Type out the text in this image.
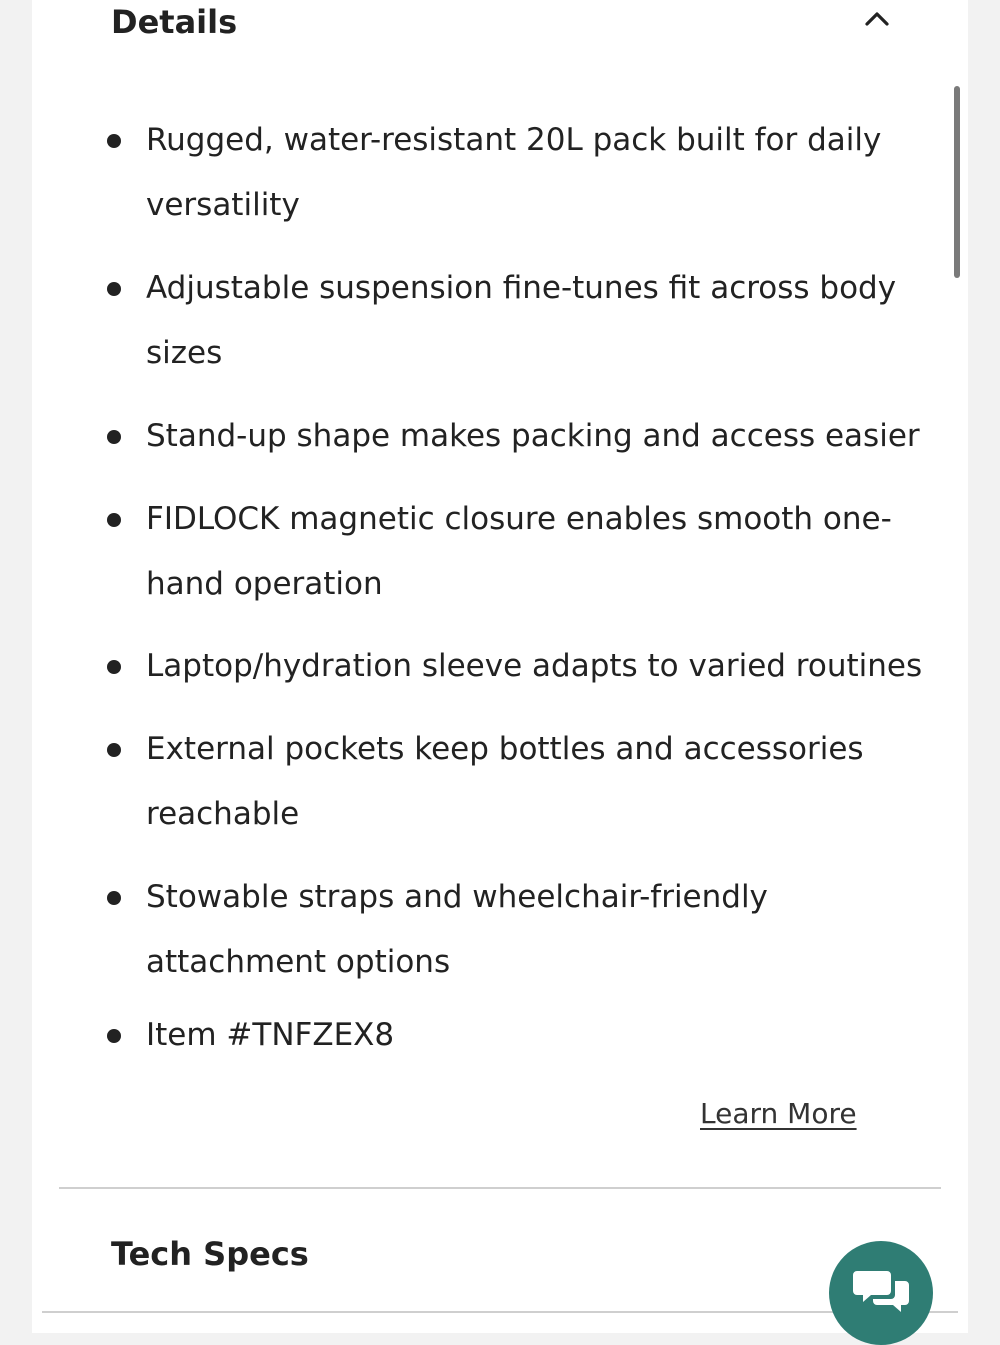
Details
Rugged, water-resistant 20L pack built for daily
versatility
Adjustable suspension fine-tunes fit across body
sizes
Stand-up shape makes packing and access easier
FIDLOCK magnetic closure enables smooth one-
hand operation
Laptop/hydration sleeve adapts to varied routines
External pockets keep bottles and accessories
reachable
Stowable straps and wheelchair-friendly
attachment options
Item #TNFZEX8
Learn More
Tech Specs
